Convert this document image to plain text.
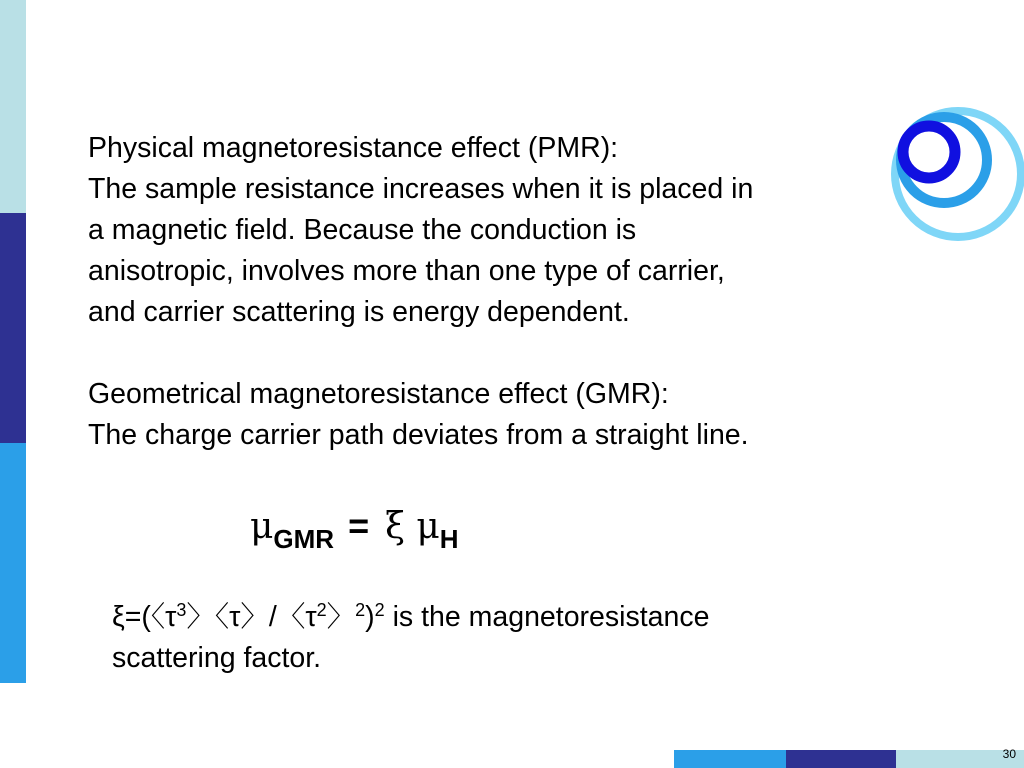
Physical magnetoresistance effect (PMR):
The sample resistance increases when it is placed in
a magnetic field. Because the conduction is
anisotropic, involves more than one type of carrier,
and carrier scattering is energy dependent.
Geometrical magnetoresistance effect (GMR):
The charge carrier path deviates from a straight line.
$\mu_{GMR} = \xi$ $\mu_H$
ξ=(〈$\tau^3$〉〈τ〉/〈$\tau^2$〉$^2$)$^2$ is the magnetoresistance
scattering factor.
30
